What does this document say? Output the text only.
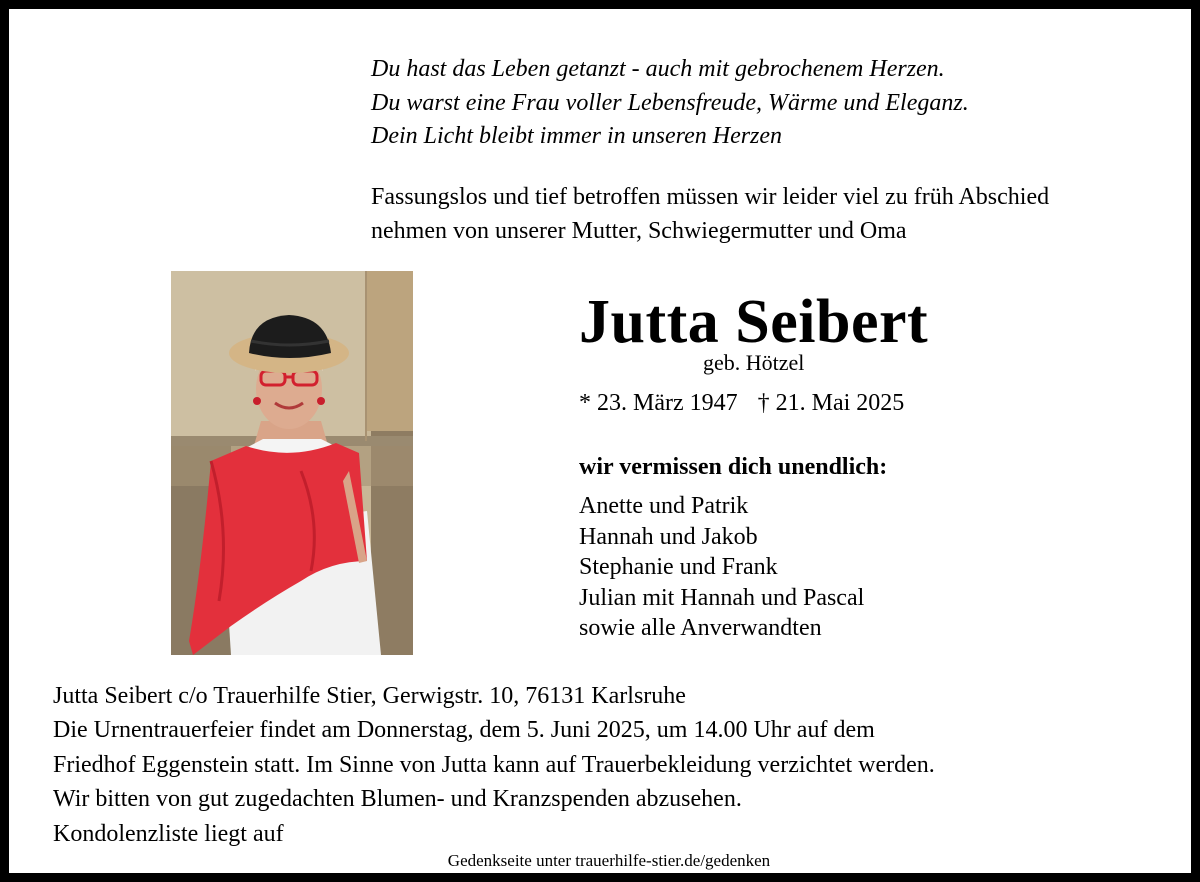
Du hast das Leben getanzt - auch mit gebrochenem Herzen.
Du warst eine Frau voller Lebensfreude, Wärme und Eleganz.
Dein Licht bleibt immer in unseren Herzen
Fassungslos und tief betroffen müssen wir leider viel zu früh Abschied
nehmen von unserer Mutter, Schwiegermutter und Oma
Jutta Seibert
geb. Hötzel
* 23. März 1947 † 21. Mai 2025
wir vermissen dich unendlich:
Anette und Patrik
Hannah und Jakob
Stephanie und Frank
Julian mit Hannah und Pascal
sowie alle Anverwandten
Jutta Seibert c/o Trauerhilfe Stier, Gerwigstr. 10, 76131 Karlsruhe
Die Urnentrauerfeier findet am Donnerstag, dem 5. Juni 2025, um 14.00 Uhr auf dem
Friedhof Eggenstein statt. Im Sinne von Jutta kann auf Trauerbekleidung verzichtet werden.
Wir bitten von gut zugedachten Blumen- und Kranzspenden abzusehen.
Kondolenzliste liegt auf
Gedenkseite unter trauerhilfe-stier.de/gedenken
